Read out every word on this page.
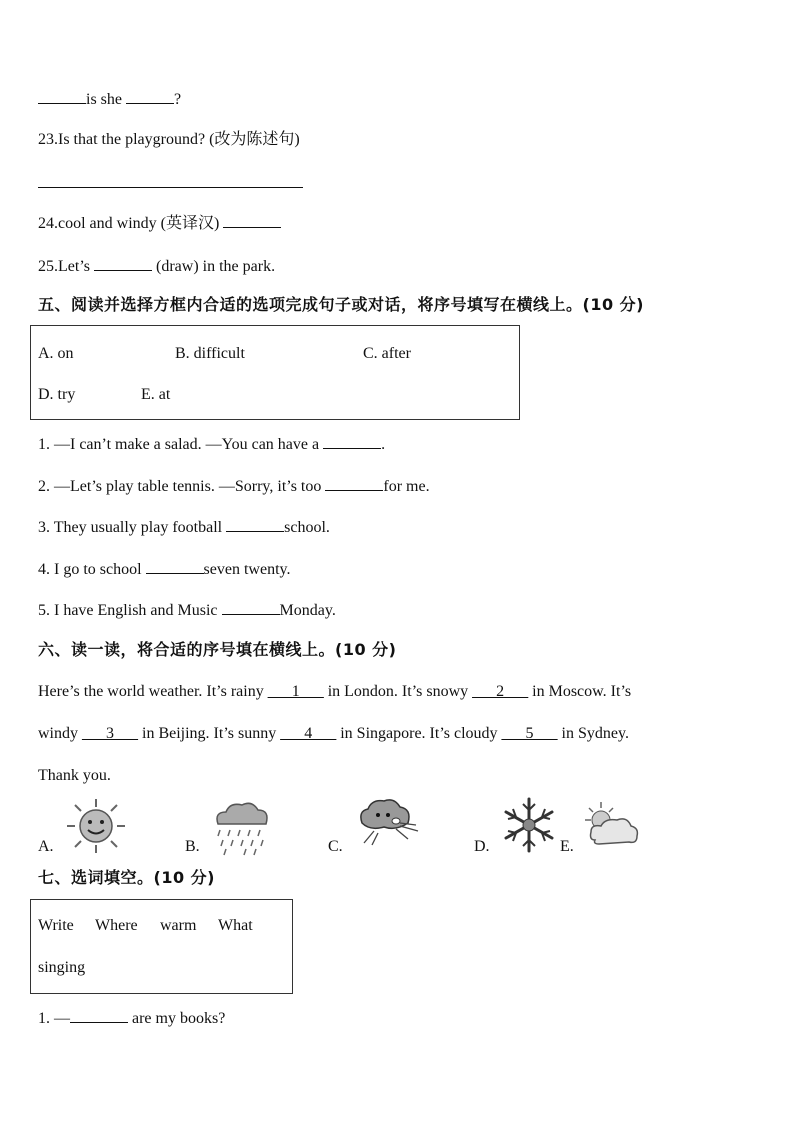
is she	?
23.Is that the playground? (改为陈述句)
24.cool and windy (英译汉)
25.Let’s	(draw) in the park.
五、阅读并选择方框内合适的选项完成句子或对话，将序号填写在横线上。(10 分)
A. on	B. difficult	C. after
D. try	E. at
1. —I can’t make a salad. —You can have a	.
2. —Let’s play table tennis. —Sorry, it’s too	for me.
3. They usually play football	school.
4. I go to school	seven twenty.
5. I have English and Music	Monday.
六、读一读，将合适的序号填在横线上。(10 分)
Here’s the world weather. It’s rainy ___1___ in London. It’s snowy ___2___ in Moscow. It’s
windy ___3___ in Beijing. It’s sunny ___4___ in Singapore. It’s cloudy ___5___ in Sydney.
Thank you.
A.	B.	C.	D.	E.
七、选词填空。(10 分)
Write Where warm What
singing
1. —	are my books?
